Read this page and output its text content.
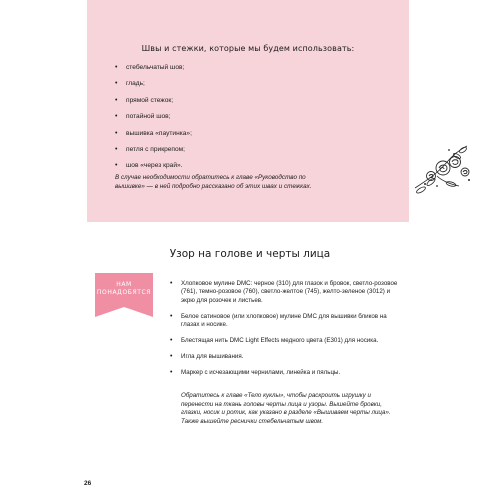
Швы и стежки, которые мы будем использовать:
• стебельчатый шов;
• гладь;
• прямой стежок;
• потайной шов;
• вышивка «паутинка»;
• петля с прикрепом;
• шов «через край».
В случае необходимости обратитесь к главе «Руководство по вышивке» — в ней подробно рассказано об этих швах и стежках.
Узор на голове и черты лица
НАМ
ПОНАДОБЯТСЯ
• Хлопковое мулине DMC: черное (310) для глазок и бровок, светло-розовое (761), темно-розовое (760), светло-желтое (745), желто-зеленое (3012) и экрю для розочек и листьев.
• Белое сатиновое (или хлопковое) мулине DMC для вышивки бликов на глазах и носике.
• Блестящая нить DMC Light Effects медного цвета (E301) для носика.
• Игла для вышивания.
• Маркер с исчезающими чернилами, линейка и пяльцы.
Обратитесь к главе «Тело куклы», чтобы раскроить игрушку и перенести на ткань головы черты лица и узоры. Вышейте бровки, глазки, носик и ротик, как указано в разделе «Вышиваем черты лица». Также вышейте реснички стебельчатым швом.
26
